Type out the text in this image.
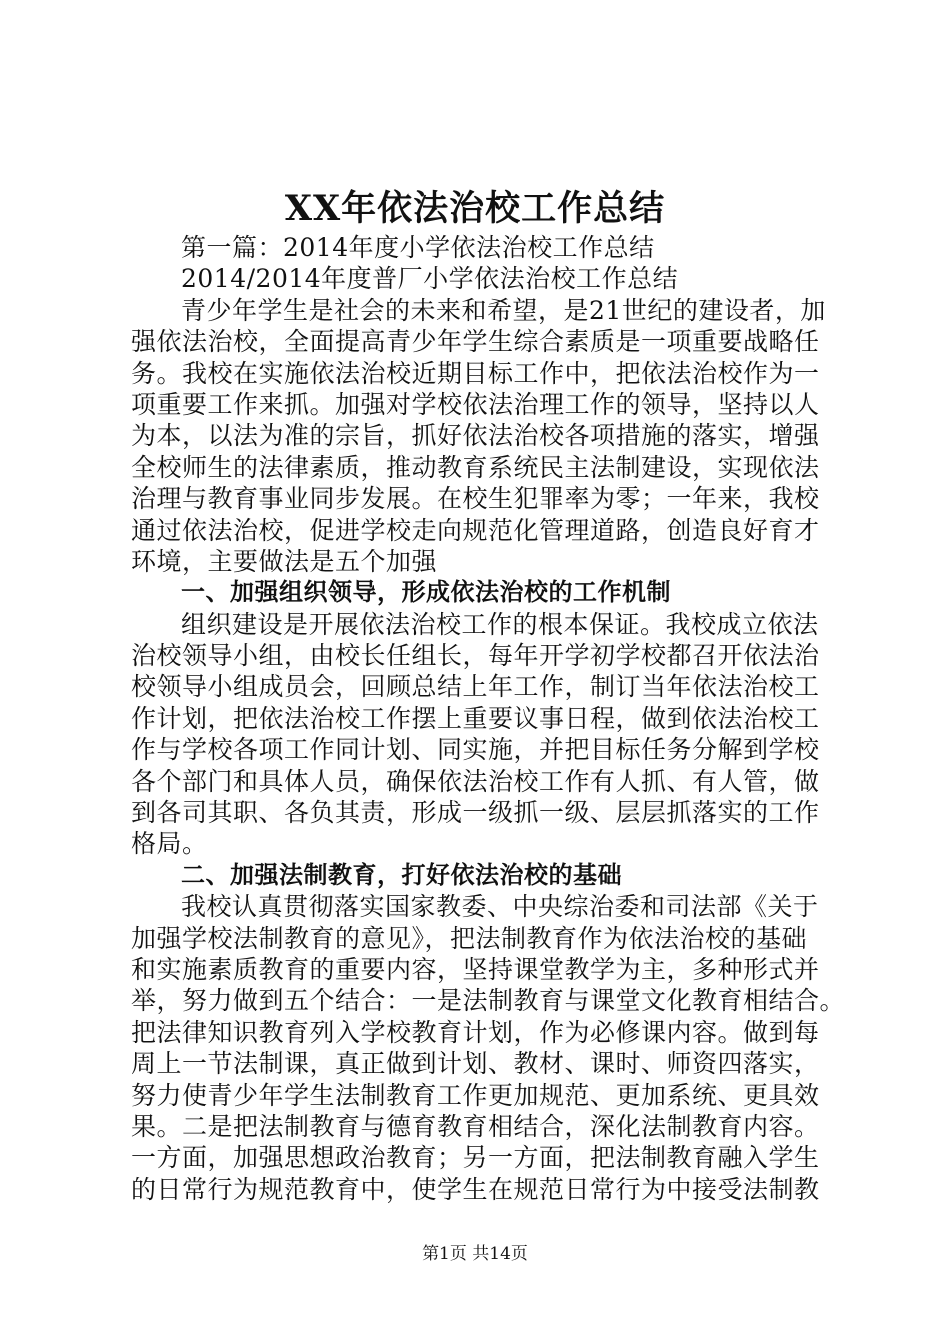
XX年依法治校工作总结
第一篇：2014年度小学依法治校工作总结
2014/2014年度普厂小学依法治校工作总结
青少年学生是社会的未来和希望，是21世纪的建设者，加
强依法治校，全面提高青少年学生综合素质是一项重要战略任
务。我校在实施依法治校近期目标工作中，把依法治校作为一
项重要工作来抓。加强对学校依法治理工作的领导，坚持以人
为本，以法为准的宗旨，抓好依法治校各项措施的落实，增强
全校师生的法律素质，推动教育系统民主法制建设，实现依法
治理与教育事业同步发展。在校生犯罪率为零；一年来，我校
通过依法治校，促进学校走向规范化管理道路，创造良好育才
环境，主要做法是五个加强
一、加强组织领导，形成依法治校的工作机制
组织建设是开展依法治校工作的根本保证。我校成立依法
治校领导小组，由校长任组长，每年开学初学校都召开依法治
校领导小组成员会，回顾总结上年工作，制订当年依法治校工
作计划，把依法治校工作摆上重要议事日程，做到依法治校工
作与学校各项工作同计划、同实施，并把目标任务分解到学校
各个部门和具体人员，确保依法治校工作有人抓、有人管，做
到各司其职、各负其责，形成一级抓一级、层层抓落实的工作
格局。
二、加强法制教育，打好依法治校的基础
我校认真贯彻落实国家教委、中央综治委和司法部《关于
加强学校法制教育的意见》，把法制教育作为依法治校的基础
和实施素质教育的重要内容，坚持课堂教学为主，多种形式并
举，努力做到五个结合：一是法制教育与课堂文化教育相结合。
把法律知识教育列入学校教育计划，作为必修课内容。做到每
周上一节法制课，真正做到计划、教材、课时、师资四落实，
努力使青少年学生法制教育工作更加规范、更加系统、更具效
果。二是把法制教育与德育教育相结合，深化法制教育内容。
一方面，加强思想政治教育；另一方面，把法制教育融入学生
的日常行为规范教育中，使学生在规范日常行为中接受法制教
第1页 共14页
